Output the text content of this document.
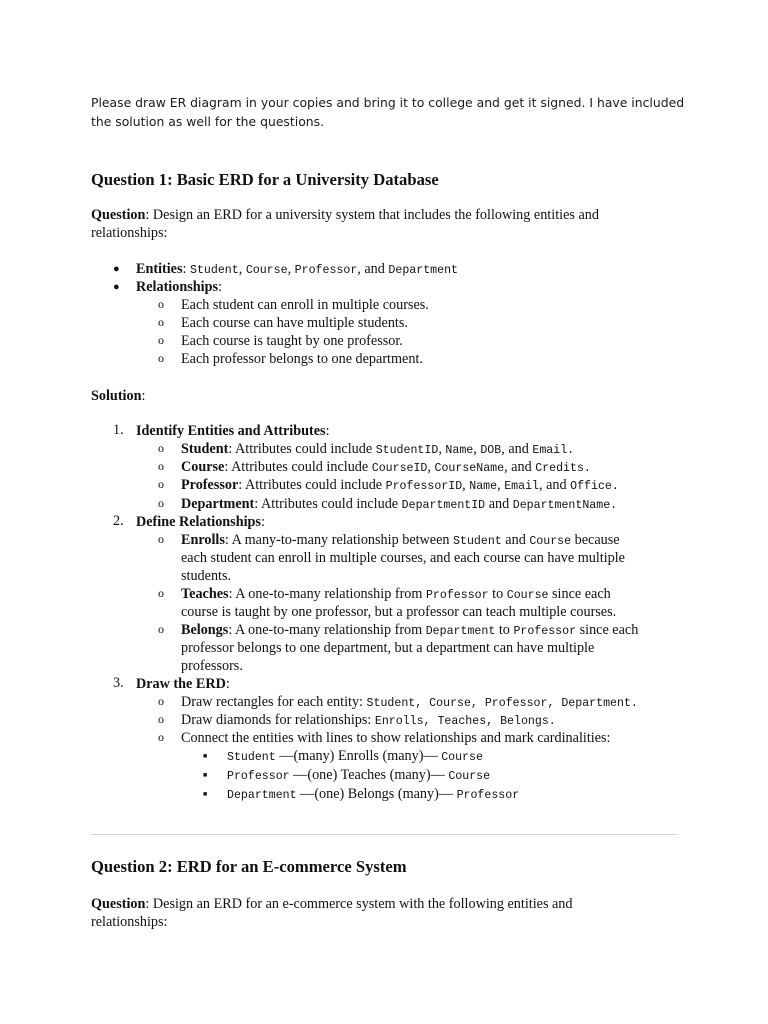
Please draw ER diagram in your copies and bring it to college and get it signed. I have included
the solution as well for the questions.
Question 1: Basic ERD for a University Database
Question: Design an ERD for a university system that includes the following entities and
relationships:
● Entities: Student, Course, Professor, and Department
● Relationships:
o Each student can enroll in multiple courses.
o Each course can have multiple students.
o Each course is taught by one professor.
o Each professor belongs to one department.
Solution:
1. Identify Entities and Attributes:
o Student: Attributes could include StudentID, Name, DOB, and Email.
o Course: Attributes could include CourseID, CourseName, and Credits.
o Professor: Attributes could include ProfessorID, Name, Email, and Office.
o Department: Attributes could include DepartmentID and DepartmentName.
2. Define Relationships:
o Enrolls: A many-to-many relationship between Student and Course because
each student can enroll in multiple courses, and each course can have multiple
students.
o Teaches: A one-to-many relationship from Professor to Course since each
course is taught by one professor, but a professor can teach multiple courses.
o Belongs: A one-to-many relationship from Department to Professor since each
professor belongs to one department, but a department can have multiple
professors.
3. Draw the ERD:
o Draw rectangles for each entity: Student, Course, Professor, Department.
o Draw diamonds for relationships: Enrolls, Teaches, Belongs.
o Connect the entities with lines to show relationships and mark cardinalities:
■ Student —(many) Enrolls (many)— Course
■ Professor —(one) Teaches (many)— Course
■ Department —(one) Belongs (many)— Professor
Question 2: ERD for an E-commerce System
Question: Design an ERD for an e-commerce system with the following entities and
relationships:
